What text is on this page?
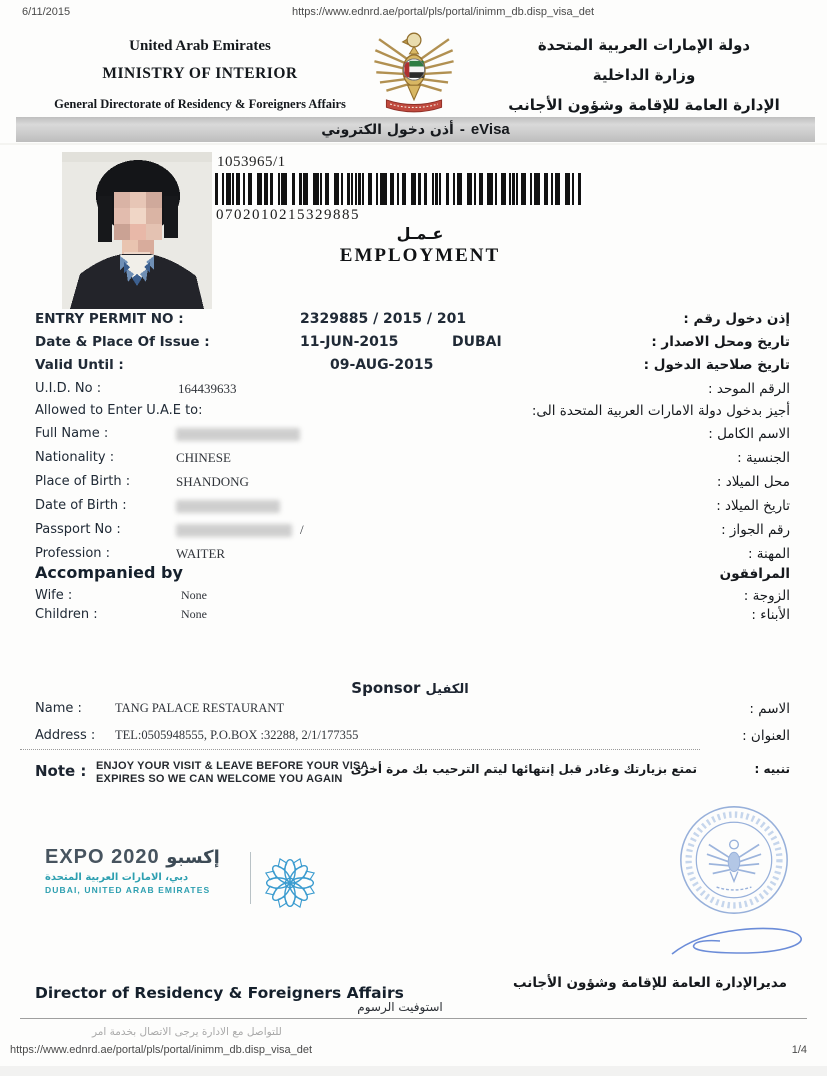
6/11/2015	https://www.ednrd.ae/portal/pls/portal/inimm_db.disp_visa_det
United Arab Emirates
MINISTRY OF INTERIOR
General Directorate of Residency & Foreigners Affairs
دولة الإمارات العربية المتحدة
وزارة الداخلية
الإدارة العامة للإقامة وشؤون الأجانب
أذن دخول الكتروني - eVisa
1053965/1
0702010215329885
عـمـل
EMPLOYMENT
ENTRY PERMIT NO :	2329885 / 2015 / 201	إذن دخول رقم :
Date & Place Of Issue :	11-JUN-2015	DUBAI	تاريخ ومحل الاصدار :
Valid Until :	09-AUG-2015	تاريخ صلاحية الدخول :
U.I.D. No :	164439633	الرقم الموحد :
Allowed to Enter U.A.E to:	أجيز بدخول دولة الامارات العربية المتحدة الى:
Full Name :	الاسم الكامل :
Nationality :	CHINESE	الجنسية :
Place of Birth :	SHANDONG	محل الميلاد :
Date of Birth :	تاريخ الميلاد :
Passport No :	/	رقم الجواز :
Profession :	WAITER	المهنة :
Accompanied by	المرافقون
Wife :	None	الزوجة :
Children :	None	الأبناء :
Sponsor الكفيل
Name :	TANG PALACE RESTAURANT	الاسم :
Address : TEL:0505948555, P.O.BOX :32288, 2/1/177355	العنوان :
Note : ENJOY YOUR VISIT & LEAVE BEFORE YOUR VISA
EXPIRES SO WE CAN WELCOME YOU AGAIN
تمتع بزيارتك وغادر قبل إنتهائها ليتم الترحيب بك مرة أخرى	تنبيه :
EXPO 2020 إكسبو
دبي، الامارات العربية المتحدة
DUBAI, UNITED ARAB EMIRATES
مديرالإدارة العامة للإقامة وشؤون الأجانب
Director of Residency & Foreigners Affairs
استوفيت الرسوم
للتواصل مع الادارة يرجى الاتصال بخدمة امر
https://www.ednrd.ae/portal/pls/portal/inimm_db.disp_visa_det	1/4
